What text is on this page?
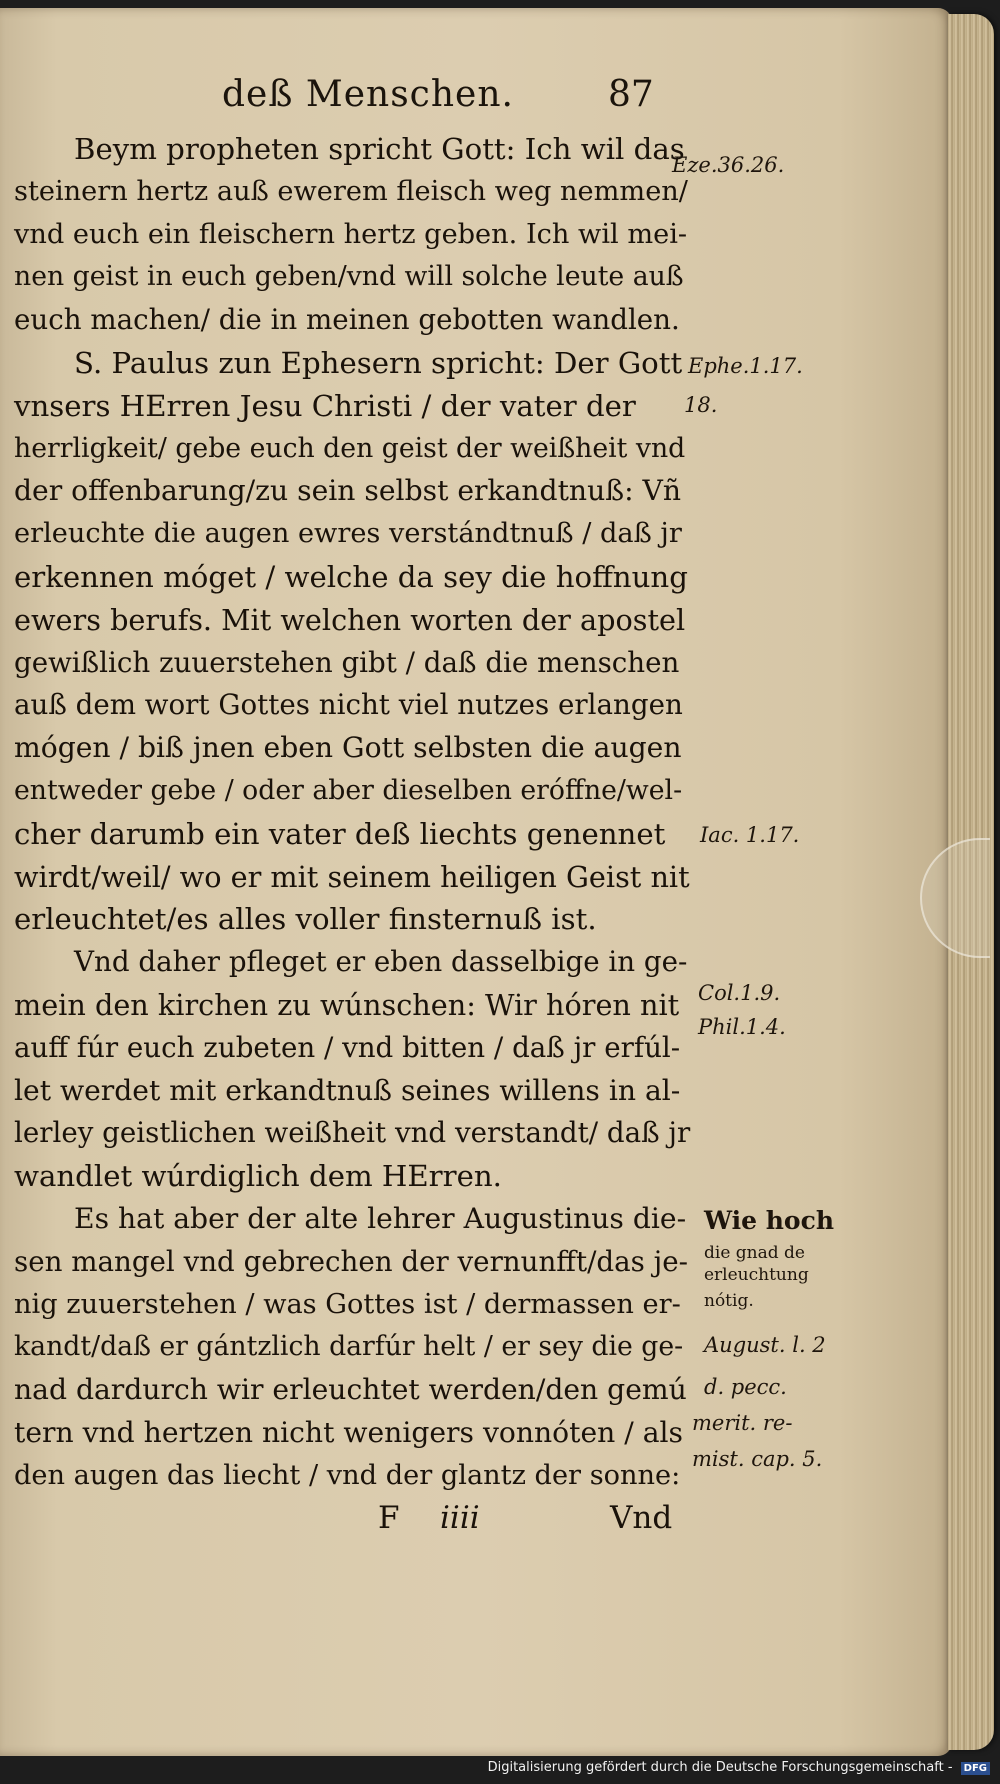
deß Menschen.	87
Beym propheten spricht Gott: Ich wil das
steinern hertz auß ewerem fleisch weg nemmen/
vnd euch ein fleischern hertz geben. Ich wil mei-
nen geist in euch geben/vnd will solche leute auß
euch machen/ die in meinen gebotten wandlen.
S. Paulus zun Ephesern spricht: Der Gott
vnsers HErren Jesu Christi / der vater der
herrligkeit/ gebe euch den geist der weißheit vnd
der offenbarung/zu sein selbst erkandtnuß: Vñ
erleuchte die augen ewres verstándtnuß / daß jr
erkennen móget / welche da sey die hoffnung
ewers berufs. Mit welchen worten der apostel
gewißlich zuuerstehen gibt / daß die menschen
auß dem wort Gottes nicht viel nutzes erlangen
mógen / biß jnen eben Gott selbsten die augen
entweder gebe / oder aber dieselben eróffne/wel-
cher darumb ein vater deß liechts genennet
wirdt/weil/ wo er mit seinem heiligen Geist nit
erleuchtet/es alles voller finsternuß ist.
Vnd daher pfleget er eben dasselbige in ge-
mein den kirchen zu wúnschen: Wir hóren nit
auff fúr euch zubeten / vnd bitten / daß jr erfúl-
let werdet mit erkandtnuß seines willens in al-
lerley geistlichen weißheit vnd verstandt/ daß jr
wandlet wúrdiglich dem HErren.
Es hat aber der alte lehrer Augustinus die-
sen mangel vnd gebrechen der vernunfft/das je-
nig zuuerstehen / was Gottes ist / dermassen er-
kandt/daß er gántzlich darfúr helt / er sey die ge-
nad dardurch wir erleuchtet werden/den gemú
tern vnd hertzen nicht wenigers vonnóten / als
den augen das liecht / vnd der glantz der sonne:
Eze.36.26.
Ephe.1.17.
18.
Iac. 1.17.
Col.1.9.
Phil.1.4.
Wie hoch
die gnad de
erleuchtung
nótig.
August. l. 2
d. pecc.
merit. re-
mist. cap. 5.
F iiii	Vnd
Digitalisierung gefördert durch die Deutsche Forschungsgemeinschaft - DFG
